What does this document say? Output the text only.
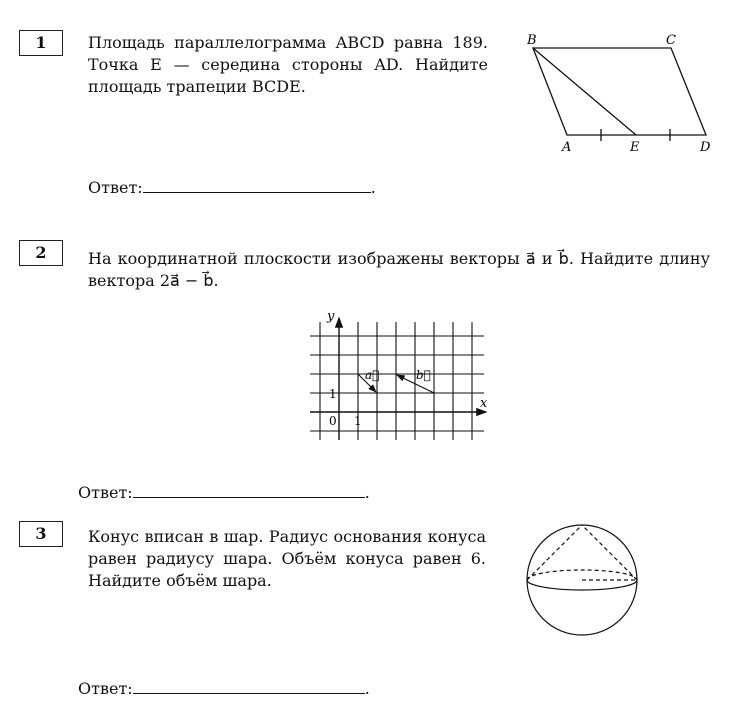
1	Площадь параллелограмма ABCD равна 189. Точка E — середина стороны AD. Найдите площадь трапеции BCDE.
Ответ:	.
2	На координатной плоскости изображены векторы a⃗ и b⃗. Найдите длину вектора 2a⃗ − b⃗.
Ответ:	.
3	Конус вписан в шар. Радиус основания конуса равен радиусу шара. Объём конуса равен 6. Найдите объём шара.
Ответ:	.
B	C
D
A	E
x
y
0 1
1
a⃗	b⃗
